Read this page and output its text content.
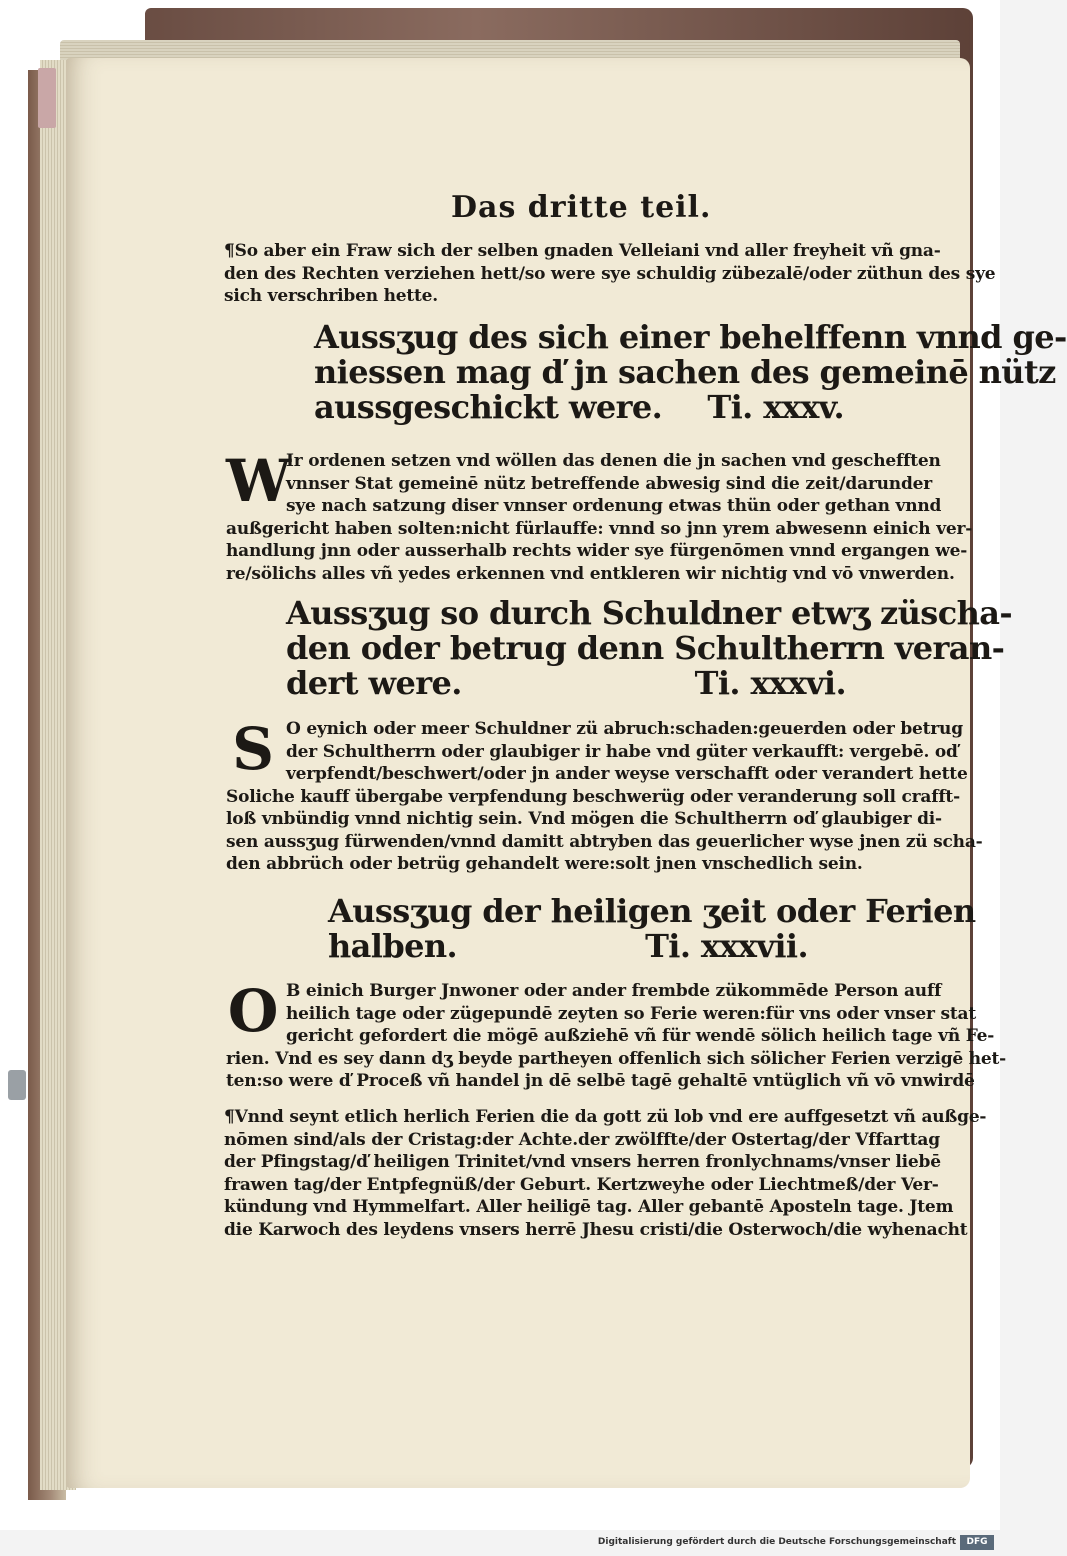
Das dritte teil.
¶So aber ein Fraw sich der selben gnaden Velleiani vnd aller freyheit vñ gna-
den des Rechten verziehen hett/so were sye schuldig zübezalē/oder züthun des sye
sich verschriben hette.
Aussʒug des sich einer behelffenn vnnd ge-
niessen mag ď jn sachen des gemeinē nütz
aussgeschickt were. Ti. xxxv.
W
Ir ordenen setzen vnd wöllen das denen die jn sachen vnd geschefften
vnnser Stat gemeinē nütz betreffende abwesig sind die zeit/darunder
sye nach satzung diser vnnser ordenung etwas thün oder gethan vnnd
außgericht haben solten:nicht fürlauffe: vnnd so jnn yrem abwesenn einich ver-
handlung jnn oder ausserhalb rechts wider sye fürgenōmen vnnd ergangen we-
re/sölichs alles vñ yedes erkennen vnd entkleren wir nichtig vnd vō vnwerden.
Aussʒug so durch Schuldner etwʒ züscha-
den oder betrug denn Schultherrn veran-
dert were.	Ti. xxxvi.
S O eynich oder meer Schuldner zü abruch:schaden:geuerden oder betrug
der Schultherrn oder glaubiger ir habe vnd güter verkaufft: vergebē. oď
verpfendt/beschwert/oder jn ander weyse verschafft oder verandert hette
Soliche kauff übergabe verpfendung beschwerüg oder veranderung soll crafft-
loß vnbündig vnnd nichtig sein. Vnd mögen die Schultherrn oď glaubiger di-
sen aussʒug fürwenden/vnnd damitt abtryben das geuerlicher wyse jnen zü scha-
den abbrüch oder betrüg gehandelt were:solt jnen vnschedlich sein.
Aussʒug der heiligen ʒeit oder Ferien
halben.	Ti. xxxvii.
O B einich Burger Jnwoner oder ander frembde zükommēde Person auff
heilich tage oder zügepundē zeyten so Ferie weren:für vns oder vnser stat
gericht gefordert die mögē außziehē vñ für wendē sölich heilich tage vñ Fe-
rien. Vnd es sey dann dʒ beyde partheyen offenlich sich sölicher Ferien verzigē het-
ten:so were ď Proceß vñ handel jn dē selbē tagē gehaltē vntüglich vñ vō vnwirdē
¶Vnnd seynt etlich herlich Ferien die da gott zü lob vnd ere auffgesetzt vñ außge-
nōmen sind/als der Cristag:der Achte.der zwölffte/der Ostertag/der Vffarttag
der Pfingstag/ď heiligen Trinitet/vnd vnsers herren fronlychnams/vnser liebē
frawen tag/der Entpfegnüß/der Geburt. Kertzweyhe oder Liechtmeß/der Ver-
kündung vnd Hymmelfart. Aller heiligē tag. Aller gebantē Aposteln tage. Jtem
die Karwoch des leydens vnsers herrē Jhesu cristi/die Osterwoch/die wyhenacht
Digitalisierung gefördert durch die Deutsche Forschungsgemeinschaft	DFG
